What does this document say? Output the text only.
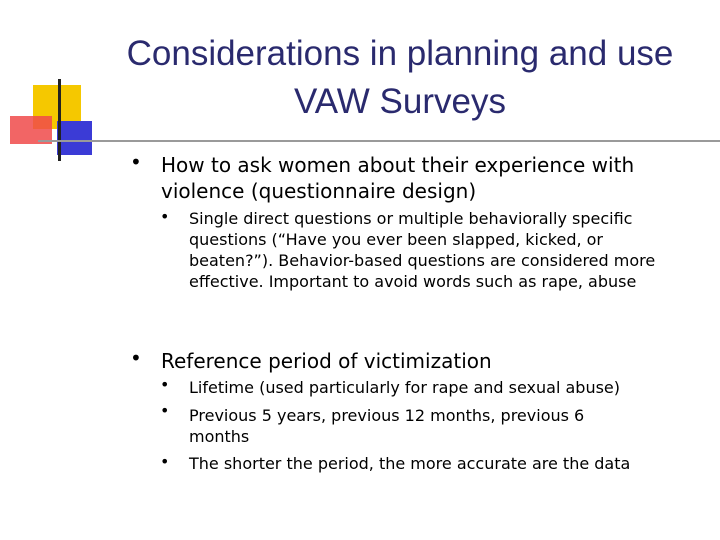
Considerations in planning and use VAW Surveys
• How to ask women about their experience with violence (questionnaire design)
• Single direct questions or multiple behaviorally specific questions (“Have you ever been slapped, kicked, or beaten?”). Behavior-based questions are considered more effective. Important to avoid words such as rape, abuse
• Reference period of victimization
• Lifetime (used particularly for rape and sexual abuse)
• Previous 5 years, previous 12 months, previous 6 months
• The shorter the period, the more accurate are the data
